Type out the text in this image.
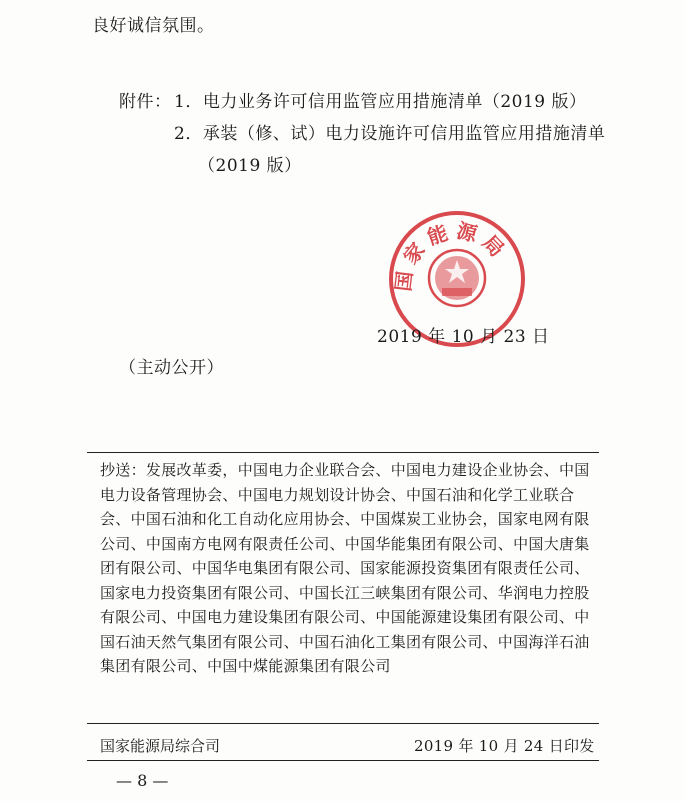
良好诚信氛围。
附件： 1．电力业务许可信用监管应用措施清单（2019 版）
2．承装（修、试）电力设施许可信用监管应用措施清单
（2019 版）
国家能源局
2019 年 10 月 23 日
（主动公开）
抄送：发展改革委，中国电力企业联合会、中国电力建设企业协会、中国电力设备管理协会、中国电力规划设计协会、中国石油和化学工业联合会、中国石油和化工自动化应用协会、中国煤炭工业协会，国家电网有限公司、中国南方电网有限责任公司、中国华能集团有限公司、中国大唐集团有限公司、中国华电集团有限公司、国家能源投资集团有限责任公司、国家电力投资集团有限公司、中国长江三峡集团有限公司、华润电力控股有限公司、中国电力建设集团有限公司、中国能源建设集团有限公司、中国石油天然气集团有限公司、中国石油化工集团有限公司、中国海洋石油集团有限公司、中国中煤能源集团有限公司
国家能源局综合司	2019 年 10 月 24 日印发
— 8 —
